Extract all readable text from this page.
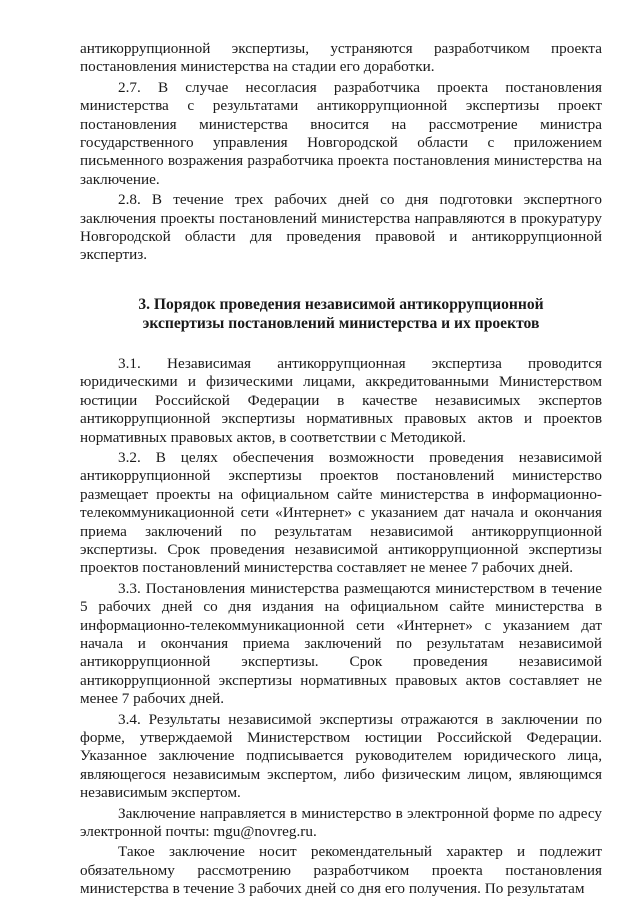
антикоррупционной экспертизы, устраняются разработчиком проекта постановления министерства на стадии его доработки.

2.7. В случае несогласия разработчика проекта постановления министерства с результатами антикоррупционной экспертизы проект постановления министерства вносится на рассмотрение министра государственного управления Новгородской области с приложением письменного возражения разработчика проекта постановления министерства на заключение.

2.8. В течение трех рабочих дней со дня подготовки экспертного заключения проекты постановлений министерства направляются в прокуратуру Новгородской области для проведения правовой и антикоррупционной экспертиз.

3. Порядок проведения независимой антикоррупционной
экспертизы постановлений министерства и их проектов

3.1. Независимая антикоррупционная экспертиза проводится юридическими и физическими лицами, аккредитованными Министерством юстиции Российской Федерации в качестве независимых экспертов антикоррупционной экспертизы нормативных правовых актов и проектов нормативных правовых актов, в соответствии с Методикой.

3.2. В целях обеспечения возможности проведения независимой антикоррупционной экспертизы проектов постановлений министерство размещает проекты на официальном сайте министерства в информационно-телекоммуникационной сети «Интернет» с указанием дат начала и окончания приема заключений по результатам независимой антикоррупционной экспертизы. Срок проведения независимой антикоррупционной экспертизы проектов постановлений министерства составляет не менее 7 рабочих дней.

3.3. Постановления министерства размещаются министерством в течение 5 рабочих дней со дня издания на официальном сайте министерства в информационно-телекоммуникационной сети «Интернет» с указанием дат начала и окончания приема заключений по результатам независимой антикоррупционной экспертизы. Срок проведения независимой антикоррупционной экспертизы нормативных правовых актов составляет не менее 7 рабочих дней.

3.4. Результаты независимой экспертизы отражаются в заключении по форме, утверждаемой Министерством юстиции Российской Федерации. Указанное заключение подписывается руководителем юридического лица, являющегося независимым экспертом, либо физическим лицом, являющимся независимым экспертом.

Заключение направляется в министерство в электронной форме по адресу электронной почты: mgu@novreg.ru.

Такое заключение носит рекомендательный характер и подлежит обязательному рассмотрению разработчиком проекта постановления министерства в течение 3 рабочих дней со дня его получения. По результатам
